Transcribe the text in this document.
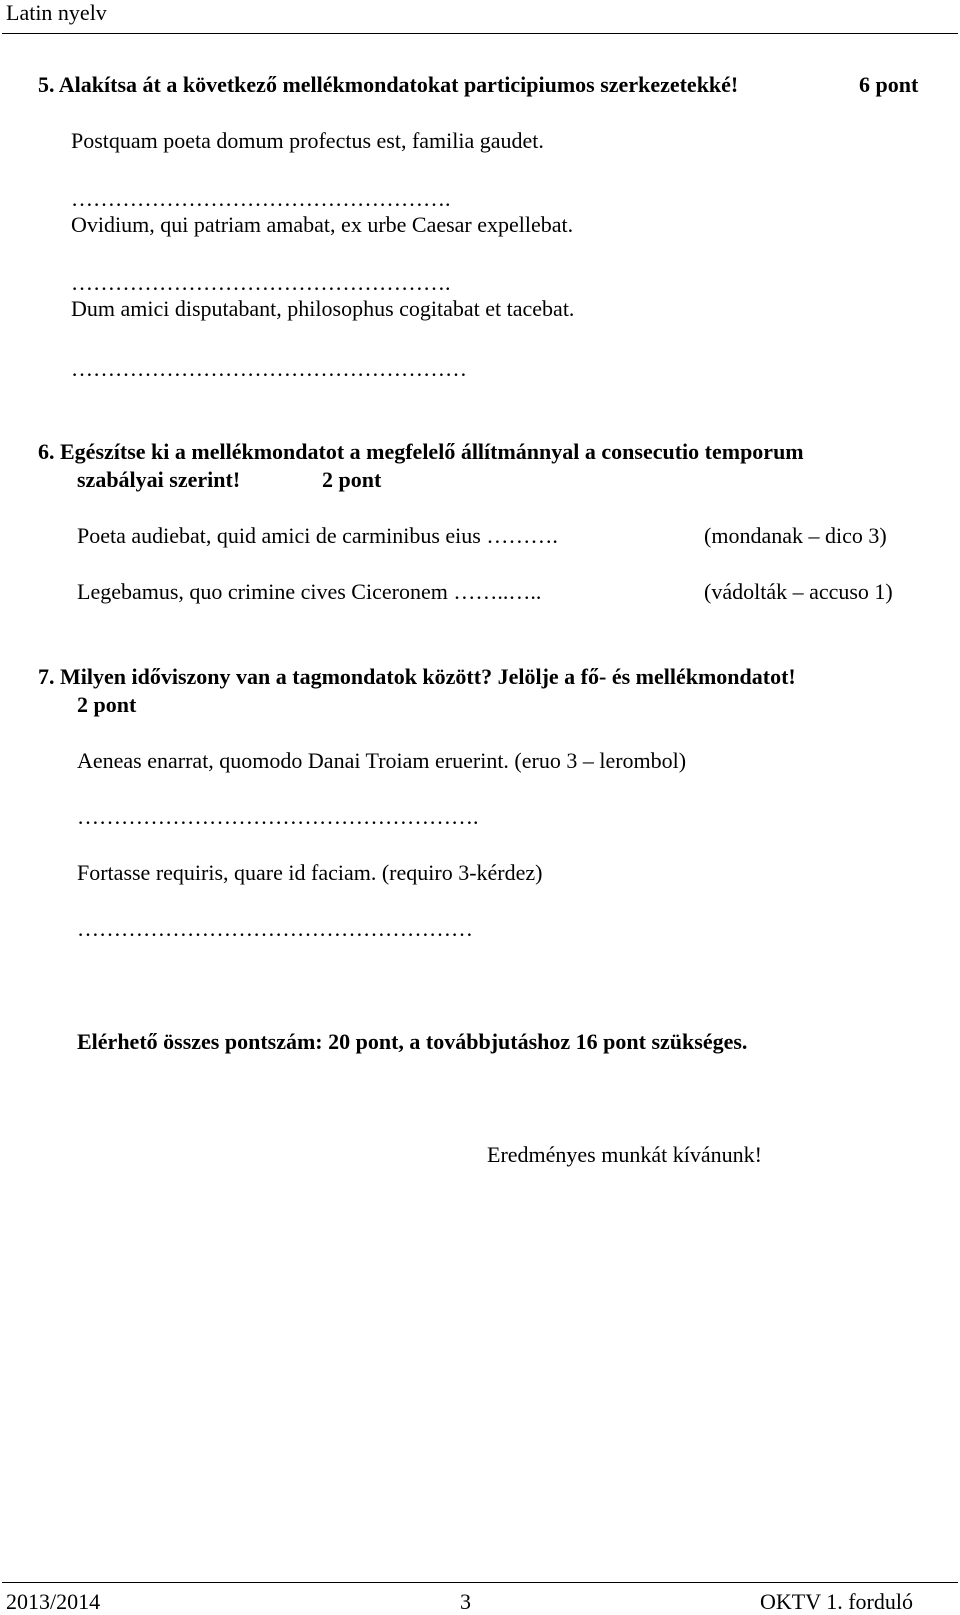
Latin nyelv
5. Alakítsa át a következő mellékmondatokat participiumos szerkezetekké!	6 pont
Postquam poeta domum profectus est, familia gaudet.
…………………………………………….
Ovidium, qui patriam amabat, ex urbe Caesar expellebat.
…………………………………………….
Dum amici disputabant, philosophus cogitabat et tacebat.
………………………………………………
6. Egészítse ki a mellékmondatot a megfelelő állítmánnyal a consecutio temporum
szabályai szerint!	2 pont
Poeta audiebat, quid amici de carminibus eius ……….	(mondanak – dico 3)
Legebamus, quo crimine cives Ciceronem ……..…..	(vádolták – accuso 1)
7. Milyen időviszony van a tagmondatok között? Jelölje a fő- és mellékmondatot!
2 pont
Aeneas enarrat, quomodo Danai Troiam eruerint. (eruo 3 – lerombol)
……………………………………………….
Fortasse requiris, quare id faciam. (requiro 3-kérdez)
………………………………………………
Elérhető összes pontszám: 20 pont, a továbbjutáshoz 16 pont szükséges.
Eredményes munkát kívánunk!
2013/2014	3	OKTV 1. forduló
